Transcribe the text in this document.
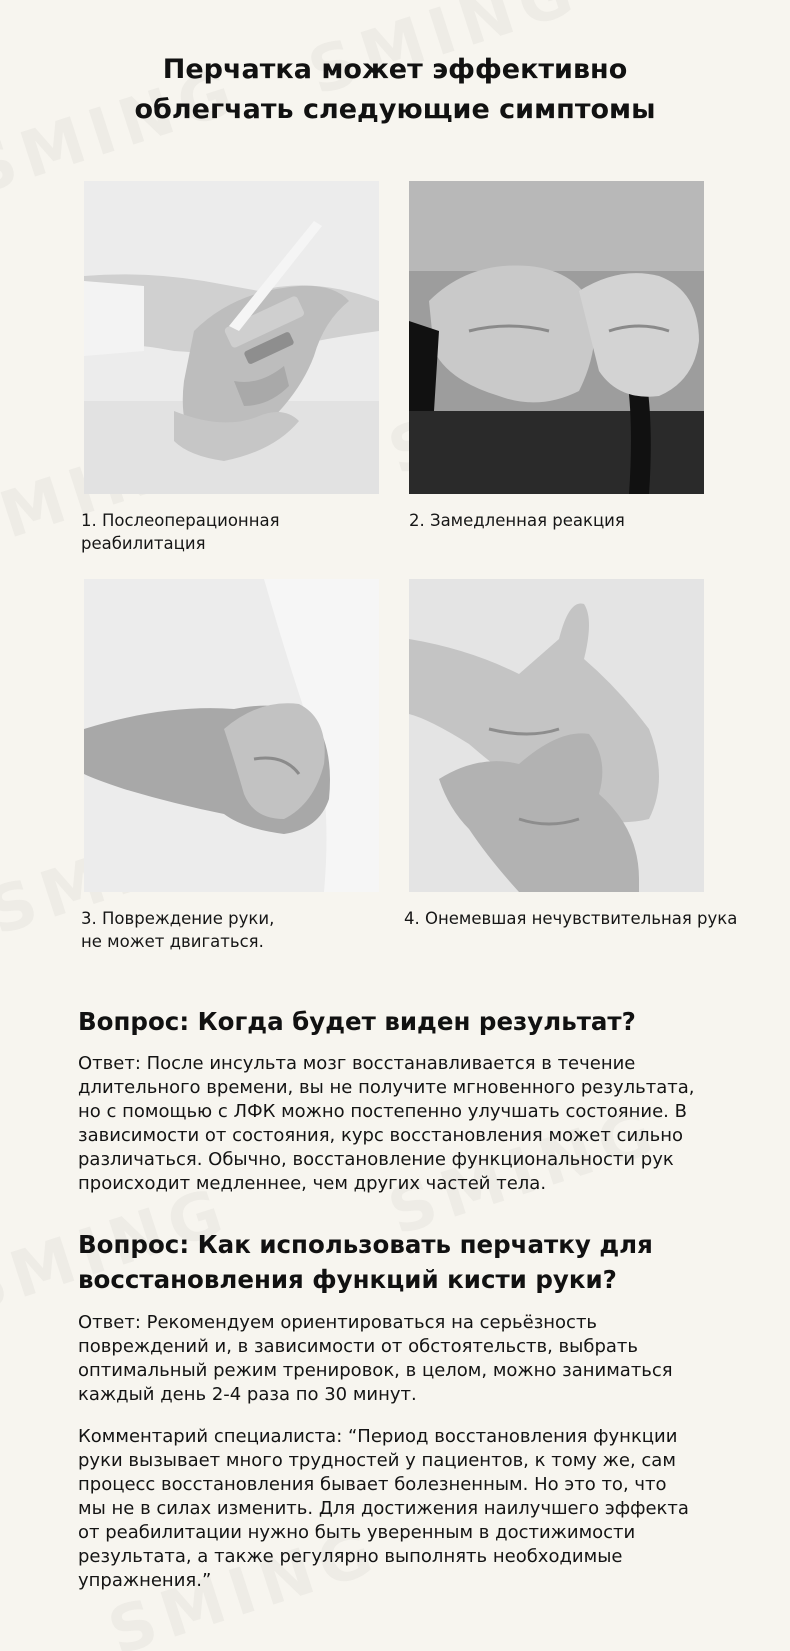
Перчатка может эффективно
облегчать следующие симптомы
1. Послеоперационная
реабилитация
2. Замедленная реакция
3. Повреждение руки,
не может двигаться.
4. Онемевшая нечувствительная рука
Вопрос: Когда будет виден результат?
Ответ: После инсульта мозг восстанавливается в течение
длительного времени, вы не получите мгновенного результата,
но с помощью с ЛФК можно постепенно улучшать состояние. В
зависимости от состояния, курс восстановления может сильно
различаться. Обычно, восстановление функциональности рук
происходит медленнее, чем других частей тела.
Вопрос: Как использовать перчатку для
восстановления функций кисти руки?
Ответ: Рекомендуем ориентироваться на серьёзность
повреждений и, в зависимости от обстоятельств, выбрать
оптимальный режим тренировок, в целом, можно заниматься
каждый день 2-4 раза по 30 минут.
Комментарий специалиста: “Период восстановления функции
руки вызывает много трудностей у пациентов, к тому же, сам
процесс восстановления бывает болезненным. Но это то, что
мы не в силах изменить. Для достижения наилучшего эффекта
от реабилитации нужно быть уверенным в достижимости
результата, а также регулярно выполнять необходимые
упражнения.”
